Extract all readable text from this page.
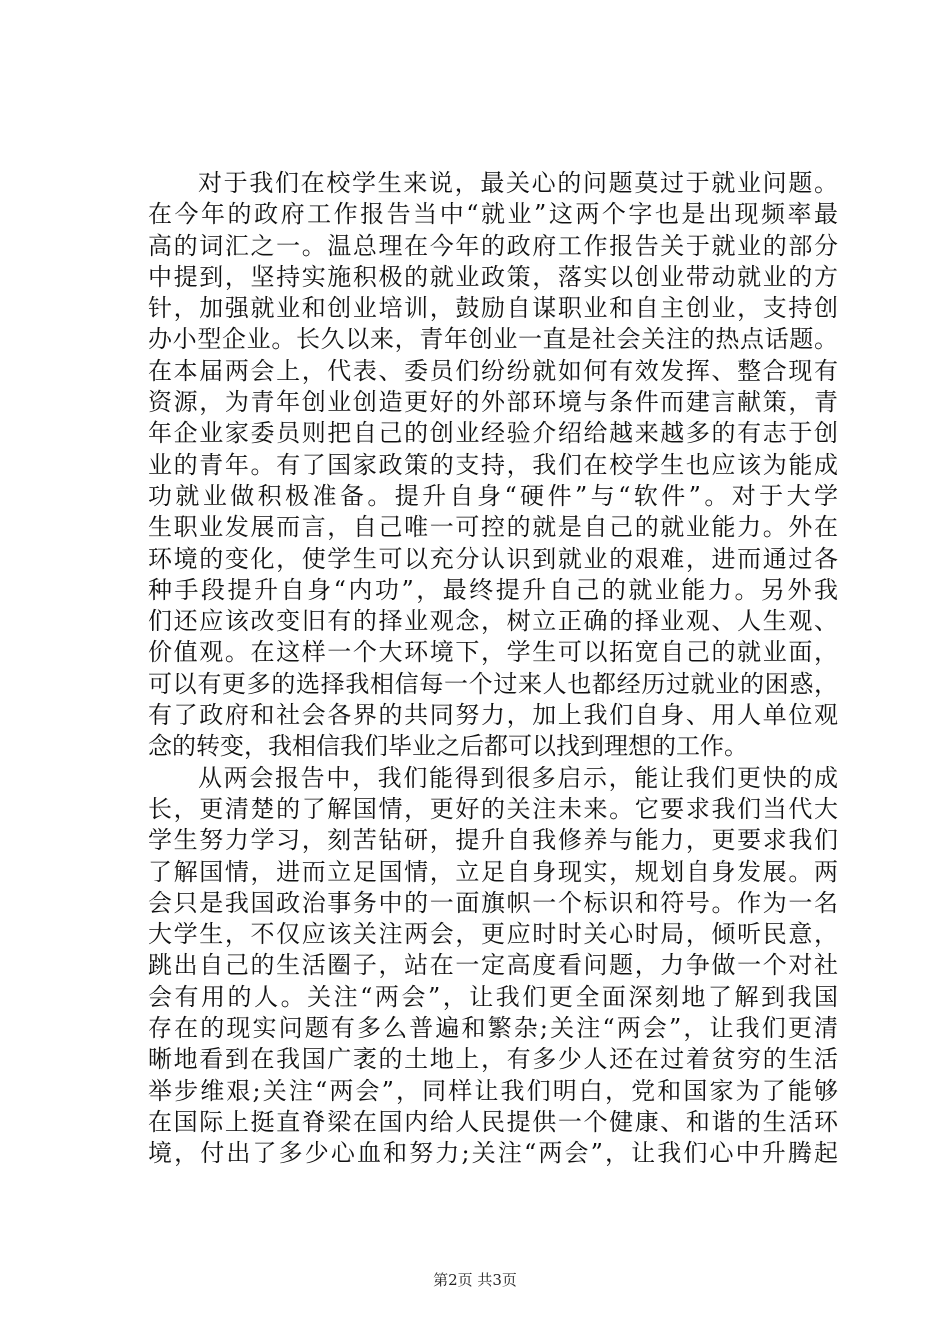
对于我们在校学生来说，最关心的问题莫过于就业问题。
在今年的政府工作报告当中“就业”这两个字也是出现频率最
高的词汇之一。温总理在今年的政府工作报告关于就业的部分
中提到，坚持实施积极的就业政策，落实以创业带动就业的方
针，加强就业和创业培训，鼓励自谋职业和自主创业，支持创
办小型企业。长久以来，青年创业一直是社会关注的热点话题。
在本届两会上，代表、委员们纷纷就如何有效发挥、整合现有
资源，为青年创业创造更好的外部环境与条件而建言献策，青
年企业家委员则把自己的创业经验介绍给越来越多的有志于创
业的青年。有了国家政策的支持，我们在校学生也应该为能成
功就业做积极准备。提升自身“硬件”与“软件”。对于大学
生职业发展而言，自己唯一可控的就是自己的就业能力。外在
环境的变化，使学生可以充分认识到就业的艰难，进而通过各
种手段提升自身“内功”，最终提升自己的就业能力。另外我
们还应该改变旧有的择业观念，树立正确的择业观、人生观、
价值观。在这样一个大环境下，学生可以拓宽自己的就业面，
可以有更多的选择我相信每一个过来人也都经历过就业的困惑，
有了政府和社会各界的共同努力，加上我们自身、用人单位观
念的转变，我相信我们毕业之后都可以找到理想的工作。
从两会报告中，我们能得到很多启示，能让我们更快的成
长，更清楚的了解国情，更好的关注未来。它要求我们当代大
学生努力学习，刻苦钻研，提升自我修养与能力，更要求我们
了解国情，进而立足国情，立足自身现实，规划自身发展。两
会只是我国政治事务中的一面旗帜一个标识和符号。作为一名
大学生，不仅应该关注两会，更应时时关心时局，倾听民意，
跳出自己的生活圈子，站在一定高度看问题，力争做一个对社
会有用的人。关注“两会”，让我们更全面深刻地了解到我国
存在的现实问题有多么普遍和繁杂;关注“两会”，让我们更清
晰地看到在我国广袤的土地上，有多少人还在过着贫穷的生活
举步维艰;关注“两会”，同样让我们明白，党和国家为了能够
在国际上挺直脊梁在国内给人民提供一个健康、和谐的生活环
境，付出了多少心血和努力;关注“两会”，让我们心中升腾起
第2页 共3页
